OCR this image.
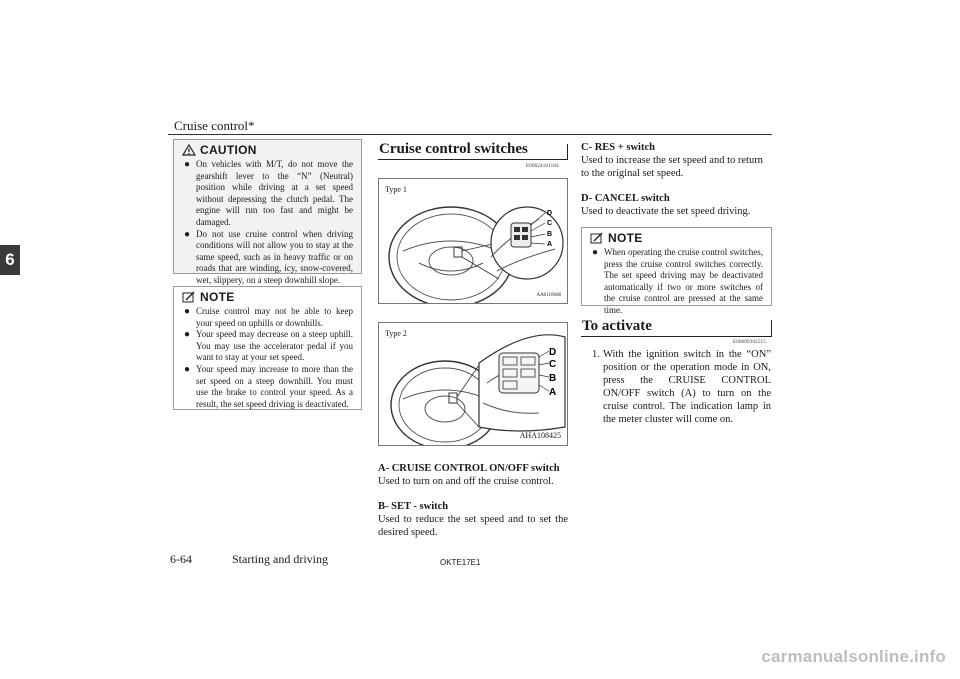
Cruise control*
6
CAUTION
● On vehicles with M/T, do not move the gearshift lever to the “N” (Neutral) position while driving at a set speed without depressing the clutch pedal. The engine will run too fast and might be damaged.
● Do not use cruise control when driving conditions will not allow you to stay at the same speed, such as in heavy traffic or on roads that are winding, icy, snow-covered, wet, slippery, on a steep downhill slope.
NOTE
● Cruise control may not be able to keep your speed on uphills or downhills.
● Your speed may decrease on a steep uphill. You may use the accelerator pedal if you want to stay at your set speed.
● Your speed may increase to more than the set speed on a steep downhill. You must use the brake to control your speed. As a result, the set speed driving is deactivated.
Cruise control switches
E00624101184
Type 1
D
C
B
A
AA0110608
Type 2
D
C
B
A
AHA108425

A- CRUISE CONTROL ON/OFF switch

Used to turn on and off the cruise control.

B- SET - switch

Used to reduce the set speed and to set the desired speed.

C- RES + switch

Used to increase the set speed and to return to the original set speed.

D- CANCEL switch

Used to deactivate the set speed driving.

NOTE
● When operating the cruise control switches, press the cruise control switches correctly. The set speed driving may be deactivated automatically if two or more switches of the cruise control are pressed at the same time.
To activate
E00609302515
1. With the ignition switch in the “ON” position or the operation mode in ON, press the CRUISE CONTROL ON/OFF switch (A) to turn on the cruise control. The indication lamp in the meter cluster will come on.
6-64	Starting and driving	OKTE17E1
carmanualsonline.info
